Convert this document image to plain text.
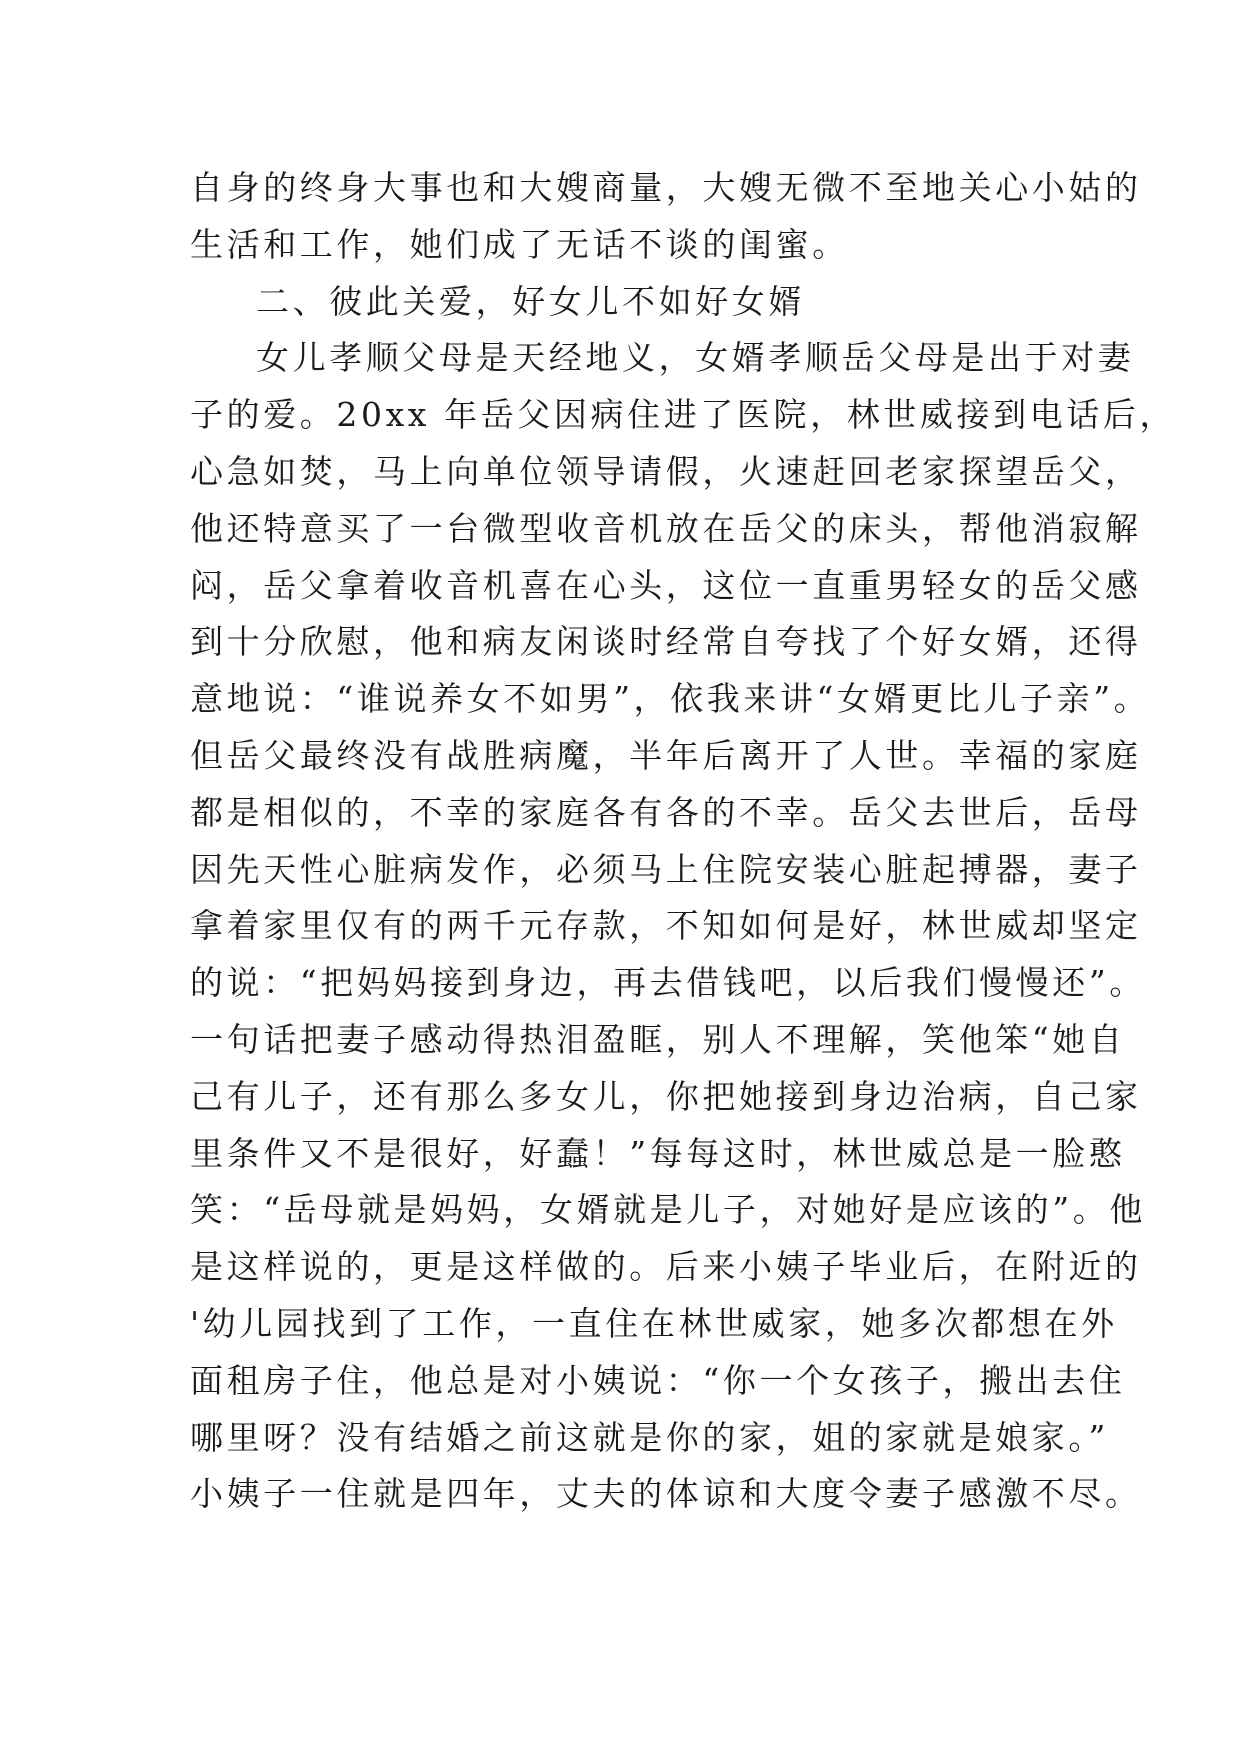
自身的终身大事也和大嫂商量，大嫂无微不至地关心小姑的
生活和工作，她们成了无话不谈的闺蜜。
二、彼此关爱，好女儿不如好女婿
女儿孝顺父母是天经地义，女婿孝顺岳父母是出于对妻
子的爱。20xx 年岳父因病住进了医院，林世威接到电话后，
心急如焚，马上向单位领导请假，火速赶回老家探望岳父，
他还特意买了一台微型收音机放在岳父的床头，帮他消寂解
闷，岳父拿着收音机喜在心头，这位一直重男轻女的岳父感
到十分欣慰，他和病友闲谈时经常自夸找了个好女婿，还得
意地说：“谁说养女不如男”，依我来讲“女婿更比儿子亲”。
但岳父最终没有战胜病魔，半年后离开了人世。幸福的家庭
都是相似的，不幸的家庭各有各的不幸。岳父去世后，岳母
因先天性心脏病发作，必须马上住院安装心脏起搏器，妻子
拿着家里仅有的两千元存款，不知如何是好，林世威却坚定
的说：“把妈妈接到身边，再去借钱吧，以后我们慢慢还”。
一句话把妻子感动得热泪盈眶，别人不理解，笑他笨“她自
己有儿子，还有那么多女儿，你把她接到身边治病，自己家
里条件又不是很好，好蠢！”每每这时，林世威总是一脸憨
笑：“岳母就是妈妈，女婿就是儿子，对她好是应该的”。他
是这样说的，更是这样做的。后来小姨子毕业后，在附近的
'幼儿园找到了工作，一直住在林世威家，她多次都想在外
面租房子住，他总是对小姨说：“你一个女孩子，搬出去住
哪里呀？没有结婚之前这就是你的家，姐的家就是娘家。”
小姨子一住就是四年，丈夫的体谅和大度令妻子感激不尽。
